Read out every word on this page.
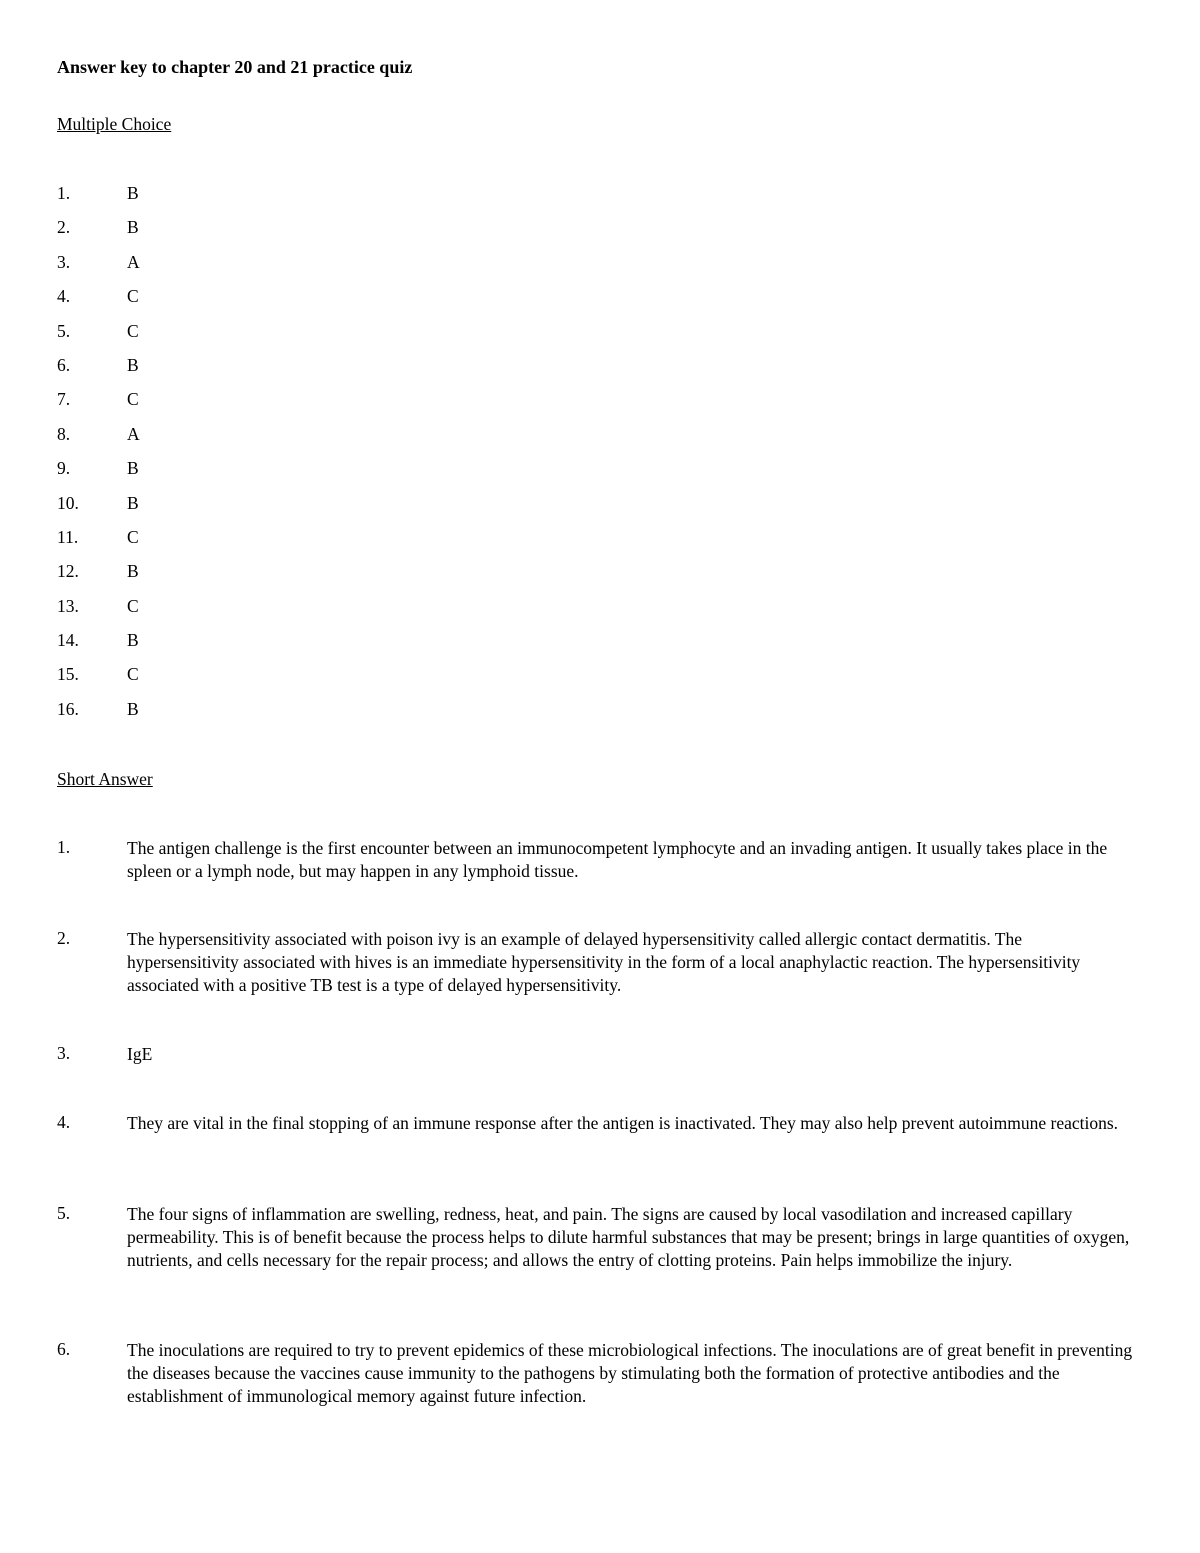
Answer key to chapter 20 and 21 practice quiz
Multiple Choice
1.	B
2.	B
3.	A
4.	C
5.	C
6.	B
7.	C
8.	A
9.	B
10.	B
11.	C
12.	B
13.	C
14.	B
15.	C
16.	B
Short Answer
1.	The antigen challenge is the first encounter between an immunocompetent lymphocyte and an invading antigen. It usually takes place in the spleen or a lymph node, but may happen in any lymphoid tissue.
2.	The hypersensitivity associated with poison ivy is an example of delayed hypersensitivity called allergic contact dermatitis. The hypersensitivity associated with hives is an immediate hypersensitivity in the form of a local anaphylactic reaction. The hypersensitivity associated with a positive TB test is a type of delayed hypersensitivity.
3.	IgE
4.	They are vital in the final stopping of an immune response after the antigen is inactivated. They may also help prevent autoimmune reactions.
5.	The four signs of inflammation are swelling, redness, heat, and pain. The signs are caused by local vasodilation and increased capillary permeability. This is of benefit because the process helps to dilute harmful substances that may be present; brings in large quantities of oxygen, nutrients, and cells necessary for the repair process; and allows the entry of clotting proteins. Pain helps immobilize the injury.
6.	The inoculations are required to try to prevent epidemics of these microbiological infections. The inoculations are of great benefit in preventing the diseases because the vaccines cause immunity to the pathogens by stimulating both the formation of protective antibodies and the establishment of immunological memory against future infection.
